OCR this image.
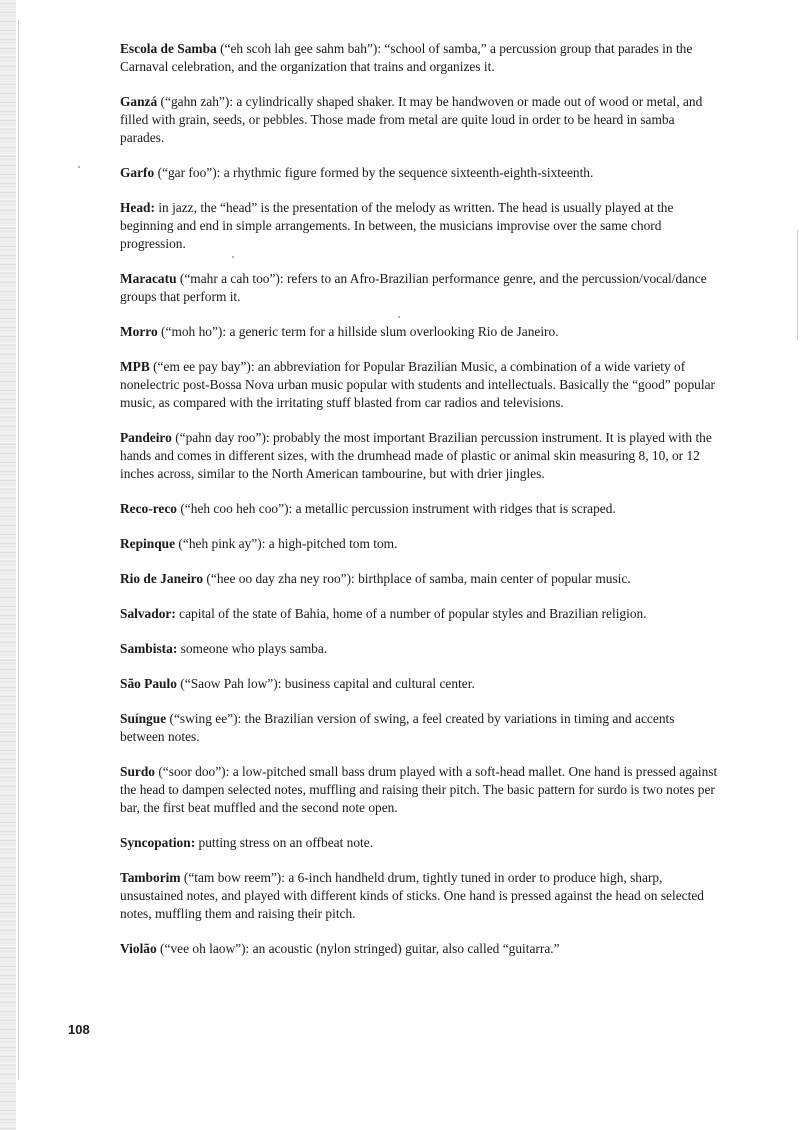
Escola de Samba (“eh scoh lah gee sahm bah”): “school of samba,” a percussion group that parades in the Carnaval celebration, and the organization that trains and organizes it.
Ganzá (“gahn zah”): a cylindrically shaped shaker. It may be handwoven or made out of wood or metal, and filled with grain, seeds, or pebbles. Those made from metal are quite loud in order to be heard in samba parades.
Garfo (“gar foo”): a rhythmic figure formed by the sequence sixteenth-eighth-sixteenth.
Head: in jazz, the “head” is the presentation of the melody as written. The head is usually played at the beginning and end in simple arrangements. In between, the musicians improvise over the same chord progression.
Maracatu (“mahr a cah too”): refers to an Afro-Brazilian performance genre, and the percussion/vocal/dance groups that perform it.
Morro (“moh ho”): a generic term for a hillside slum overlooking Rio de Janeiro.
MPB (“em ee pay bay”): an abbreviation for Popular Brazilian Music, a combination of a wide variety of nonelectric post-Bossa Nova urban music popular with students and intellectuals. Basically the “good” popular music, as compared with the irritating stuff blasted from car radios and televisions.
Pandeiro (“pahn day roo”): probably the most important Brazilian percussion instrument. It is played with the hands and comes in different sizes, with the drumhead made of plastic or animal skin measuring 8, 10, or 12 inches across, similar to the North American tambourine, but with drier jingles.
Reco-reco (“heh coo heh coo”): a metallic percussion instrument with ridges that is scraped.
Repinque (“heh pink ay”): a high-pitched tom tom.
Rio de Janeiro (“hee oo day zha ney roo”): birthplace of samba, main center of popular music.
Salvador: capital of the state of Bahia, home of a number of popular styles and Brazilian religion.
Sambista: someone who plays samba.
São Paulo (“Saow Pah low”): business capital and cultural center.
Suíngue (“swing ee”): the Brazilian version of swing, a feel created by variations in timing and accents between notes.
Surdo (“soor doo”): a low-pitched small bass drum played with a soft-head mallet. One hand is pressed against the head to dampen selected notes, muffling and raising their pitch. The basic pattern for surdo is two notes per bar, the first beat muffled and the second note open.
Syncopation: putting stress on an offbeat note.
Tamborim (“tam bow reem”): a 6-inch handheld drum, tightly tuned in order to produce high, sharp, unsustained notes, and played with different kinds of sticks. One hand is pressed against the head on selected notes, muffling them and raising their pitch.
Violão (“vee oh laow”): an acoustic (nylon stringed) guitar, also called “guitarra.”
108
